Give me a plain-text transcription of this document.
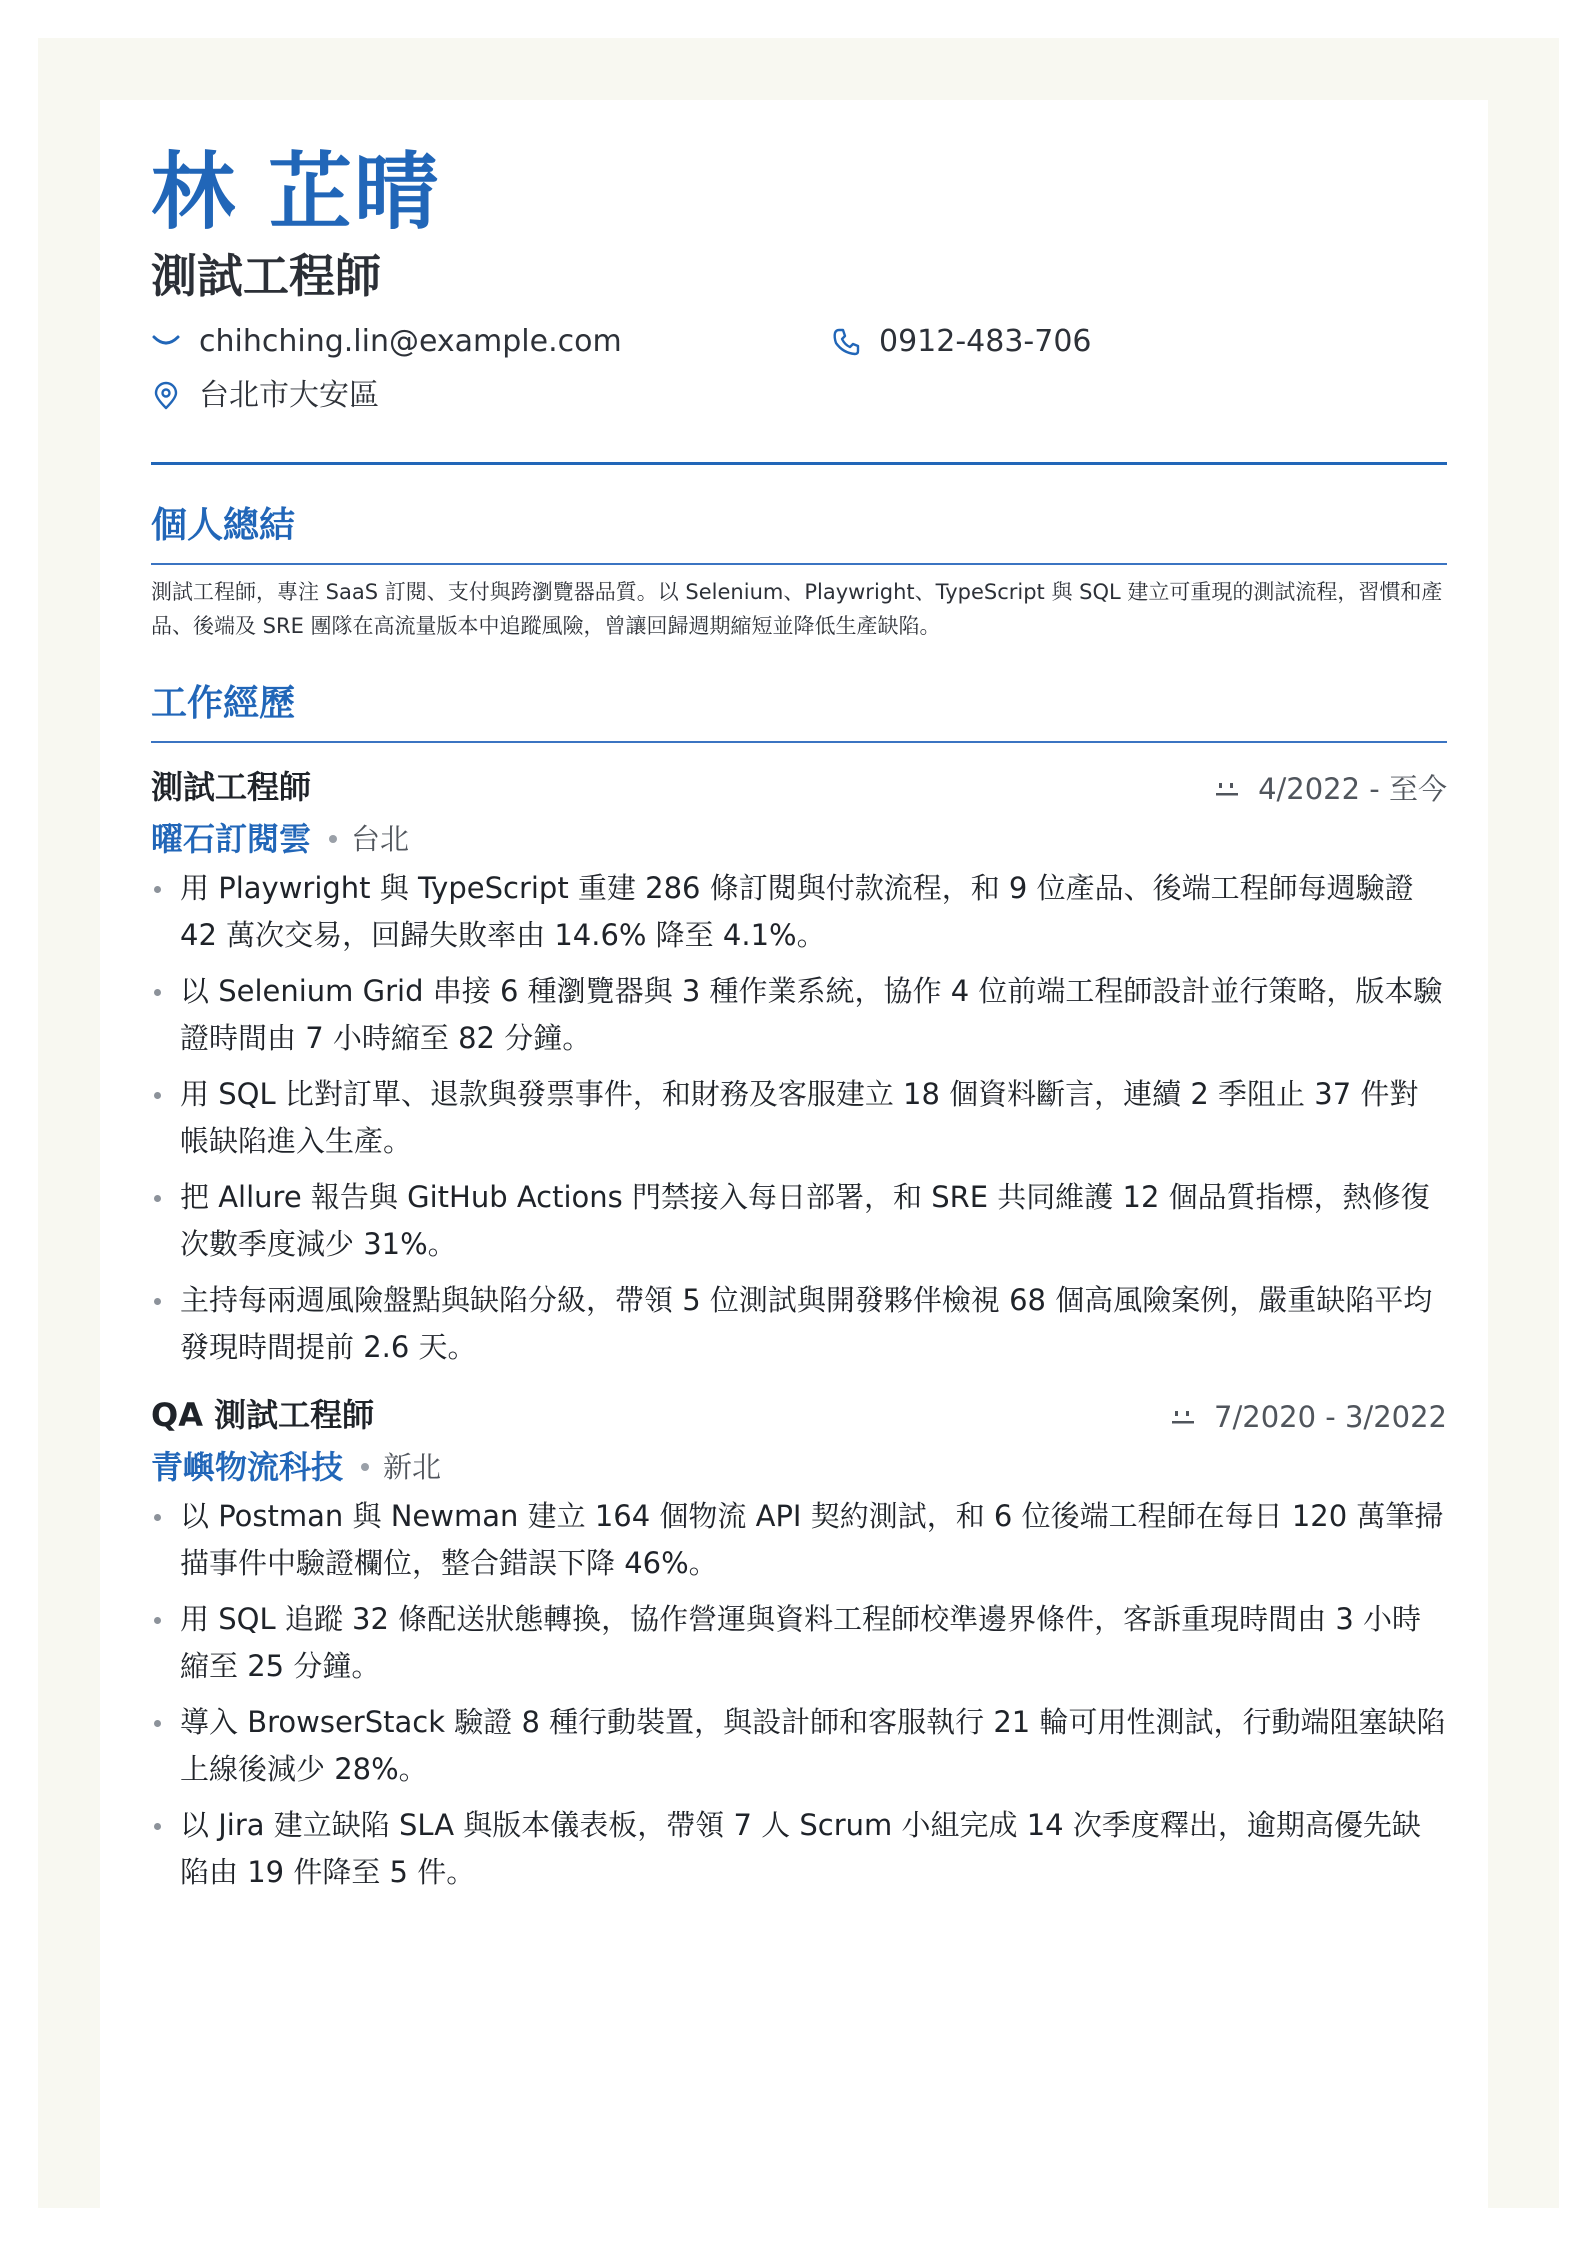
林 芷晴
測試工程師
chihching.lin@example.com	0912-483-706
台北市大安區
個人總結
測試工程師，專注 SaaS 訂閱、支付與跨瀏覽器品質。以 Selenium、Playwright、TypeScript 與 SQL 建立可重現的測試流程，習慣和產品、後端及 SRE 團隊在高流量版本中追蹤風險，曾讓回歸週期縮短並降低生產缺陷。
工作經歷
測試工程師	4/2022 - 至今
曜石訂閱雲 台北
用 Playwright 與 TypeScript 重建 286 條訂閱與付款流程，和 9 位產品、後端工程師每週驗證 42 萬次交易，回歸失敗率由 14.6% 降至 4.1%。
以 Selenium Grid 串接 6 種瀏覽器與 3 種作業系統，協作 4 位前端工程師設計並行策略，版本驗證時間由 7 小時縮至 82 分鐘。
用 SQL 比對訂單、退款與發票事件，和財務及客服建立 18 個資料斷言，連續 2 季阻止 37 件對帳缺陷進入生產。
把 Allure 報告與 GitHub Actions 門禁接入每日部署，和 SRE 共同維護 12 個品質指標，熱修復次數季度減少 31%。
主持每兩週風險盤點與缺陷分級，帶領 5 位測試與開發夥伴檢視 68 個高風險案例，嚴重缺陷平均發現時間提前 2.6 天。
QA 測試工程師	7/2020 - 3/2022
青嶼物流科技 新北
以 Postman 與 Newman 建立 164 個物流 API 契約測試，和 6 位後端工程師在每日 120 萬筆掃描事件中驗證欄位，整合錯誤下降 46%。
用 SQL 追蹤 32 條配送狀態轉換，協作營運與資料工程師校準邊界條件，客訴重現時間由 3 小時縮至 25 分鐘。
導入 BrowserStack 驗證 8 種行動裝置，與設計師和客服執行 21 輪可用性測試，行動端阻塞缺陷上線後減少 28%。
以 Jira 建立缺陷 SLA 與版本儀表板，帶領 7 人 Scrum 小組完成 14 次季度釋出，逾期高優先缺陷由 19 件降至 5 件。
